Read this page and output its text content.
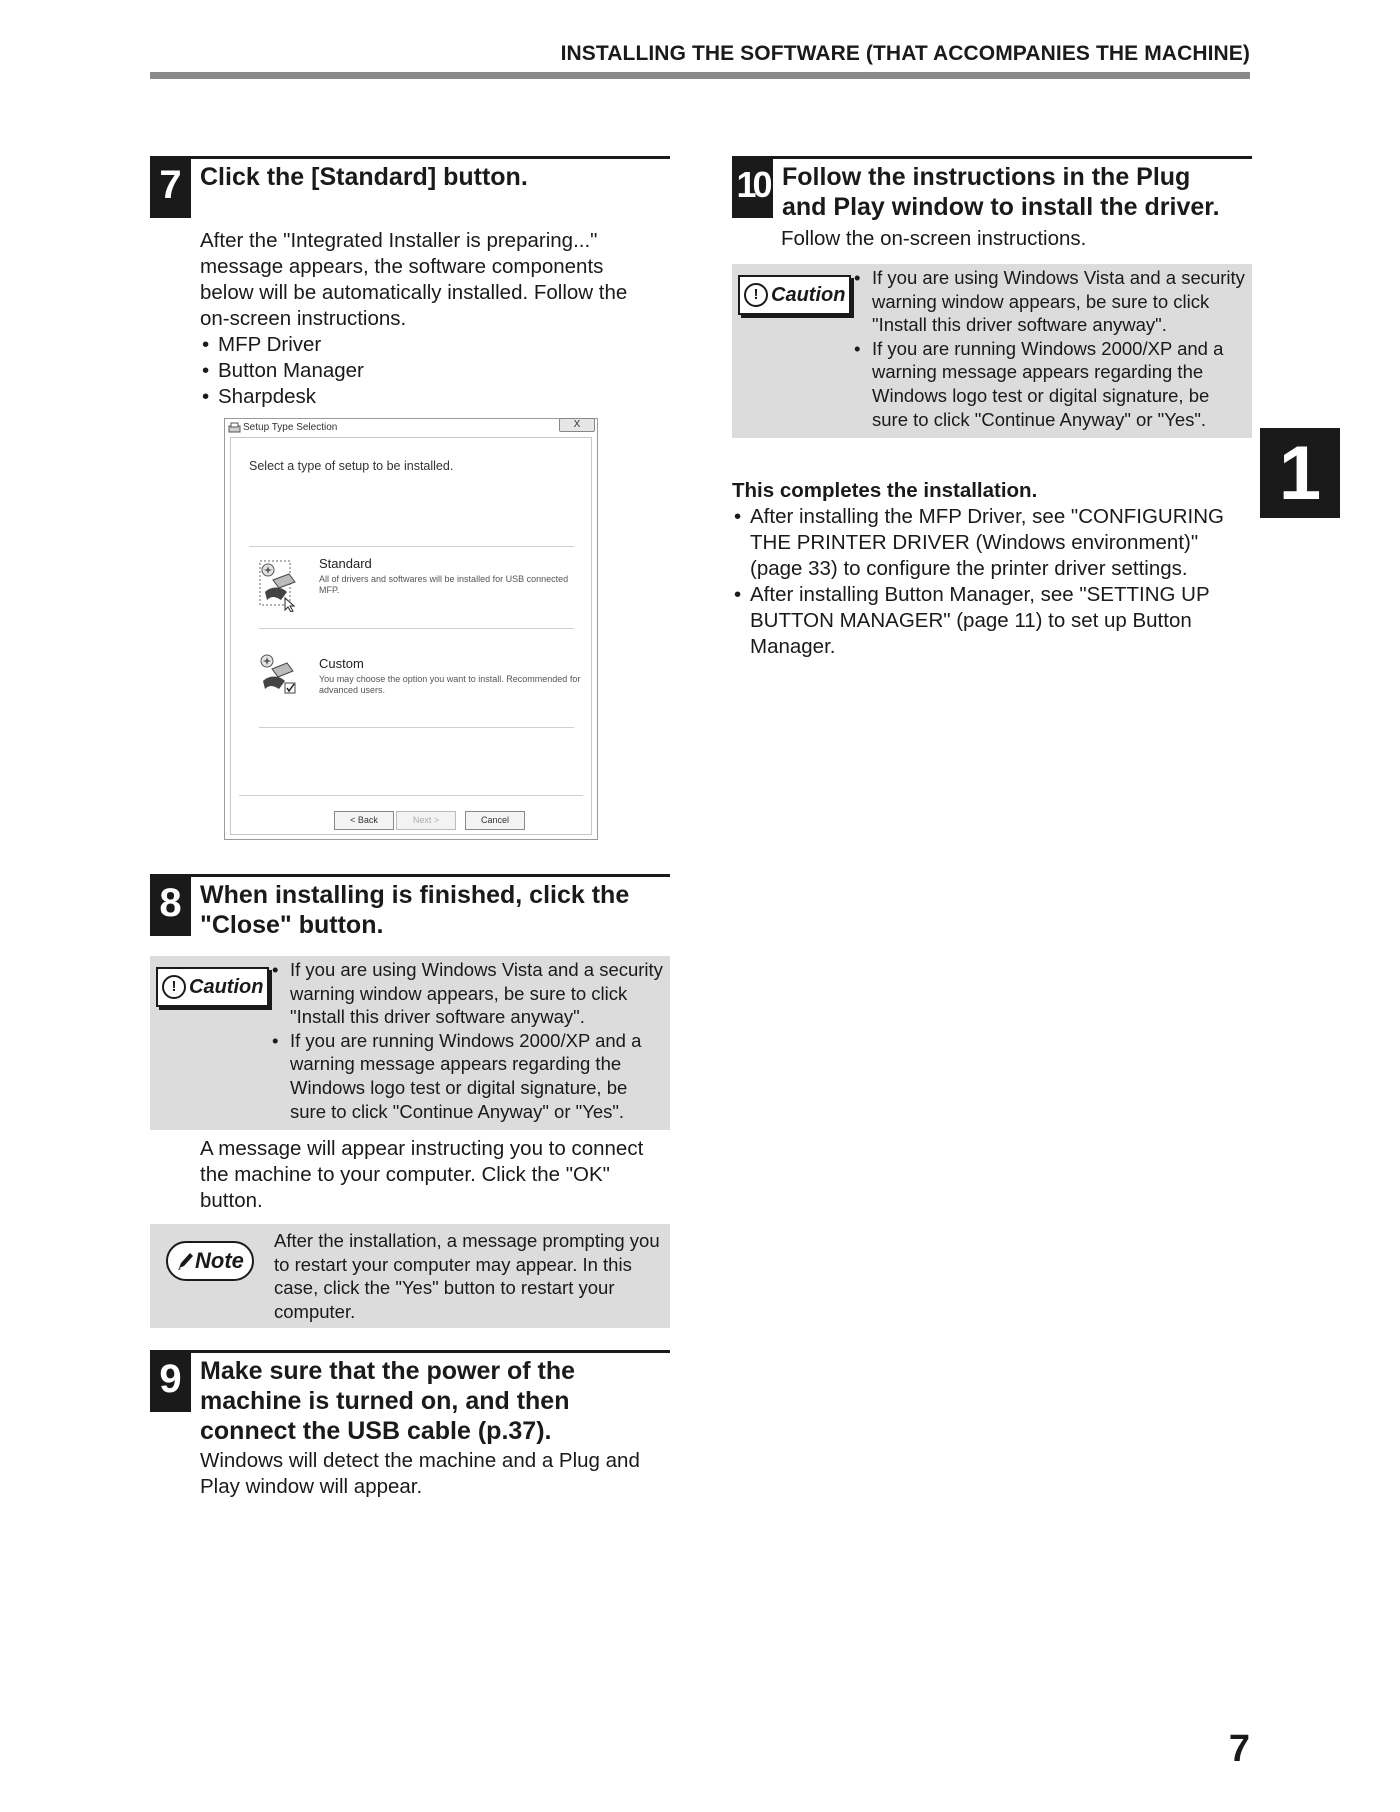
INSTALLING THE SOFTWARE (THAT ACCOMPANIES THE MACHINE)
7 Click the [Standard] button.
After the "Integrated Installer is preparing..." message appears, the software components below will be automatically installed. Follow the on-screen instructions.
• MFP Driver
• Button Manager
• Sharpdesk
Setup Type Selection	X
Select a type of setup to be installed.
Standard
All of drivers and softwares will be installed for USB connected MFP.
Custom
You may choose the option you want to install. Recommended for advanced users.
< Back	Next >	Cancel
8 When installing is finished, click the
"Close" button.
! Caution
• If you are using Windows Vista and a security warning window appears, be sure to click "Install this driver software anyway".
• If you are running Windows 2000/XP and a warning message appears regarding the Windows logo test or digital signature, be sure to click "Continue Anyway" or "Yes".
A message will appear instructing you to connect the machine to your computer. Click the "OK" button.
Note
After the installation, a message prompting you to restart your computer may appear. In this case, click the "Yes" button to restart your computer.
9 Make sure that the power of the
machine is turned on, and then
connect the USB cable (p.37).
Windows will detect the machine and a Plug and Play window will appear.
10 Follow the instructions in the Plug
and Play window to install the driver.
Follow the on-screen instructions.
! Caution
• If you are using Windows Vista and a security warning window appears, be sure to click "Install this driver software anyway".
• If you are running Windows 2000/XP and a warning message appears regarding the Windows logo test or digital signature, be sure to click "Continue Anyway" or "Yes".
This completes the installation.
• After installing the MFP Driver, see "CONFIGURING THE PRINTER DRIVER (Windows environment)" (page 33) to configure the printer driver settings.
• After installing Button Manager, see "SETTING UP BUTTON MANAGER" (page 11) to set up Button Manager.
1
7
